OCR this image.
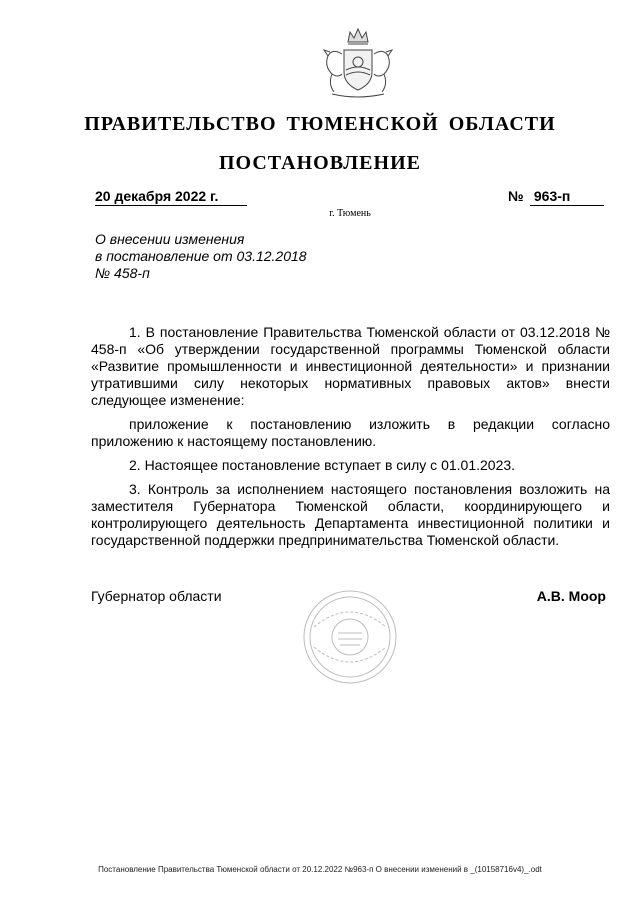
ПРАВИТЕЛЬСТВО ТЮМЕНСКОЙ ОБЛАСТИ
ПОСТАНОВЛЕНИЕ
20 декабря 2022 г.	№ 963-п
г. Тюмень
О внесении изменения
в постановление от 03.12.2018
№ 458-п

1. В постановление Правительства Тюменской области от 03.12.2018 № 458-п «Об утверждении государственной программы Тюменской области «Развитие промышленности и инвестиционной деятельности» и признании утратившими силу некоторых нормативных правовых актов» внести следующее изменение:

приложение к постановлению изложить в редакции согласно приложению к настоящему постановлению.

2. Настоящее постановление вступает в силу с 01.01.2023.

3. Контроль за исполнением настоящего постановления возложить на заместителя Губернатора Тюменской области, координирующего и контролирующего деятельность Департамента инвестиционной политики и государственной поддержки предпринимательства Тюменской области.

Губернатор области	А.В. Моор
Постановление Правительства Тюменской области от 20.12.2022 №963-п О внесении изменений в _(10158716v4)_.odt
